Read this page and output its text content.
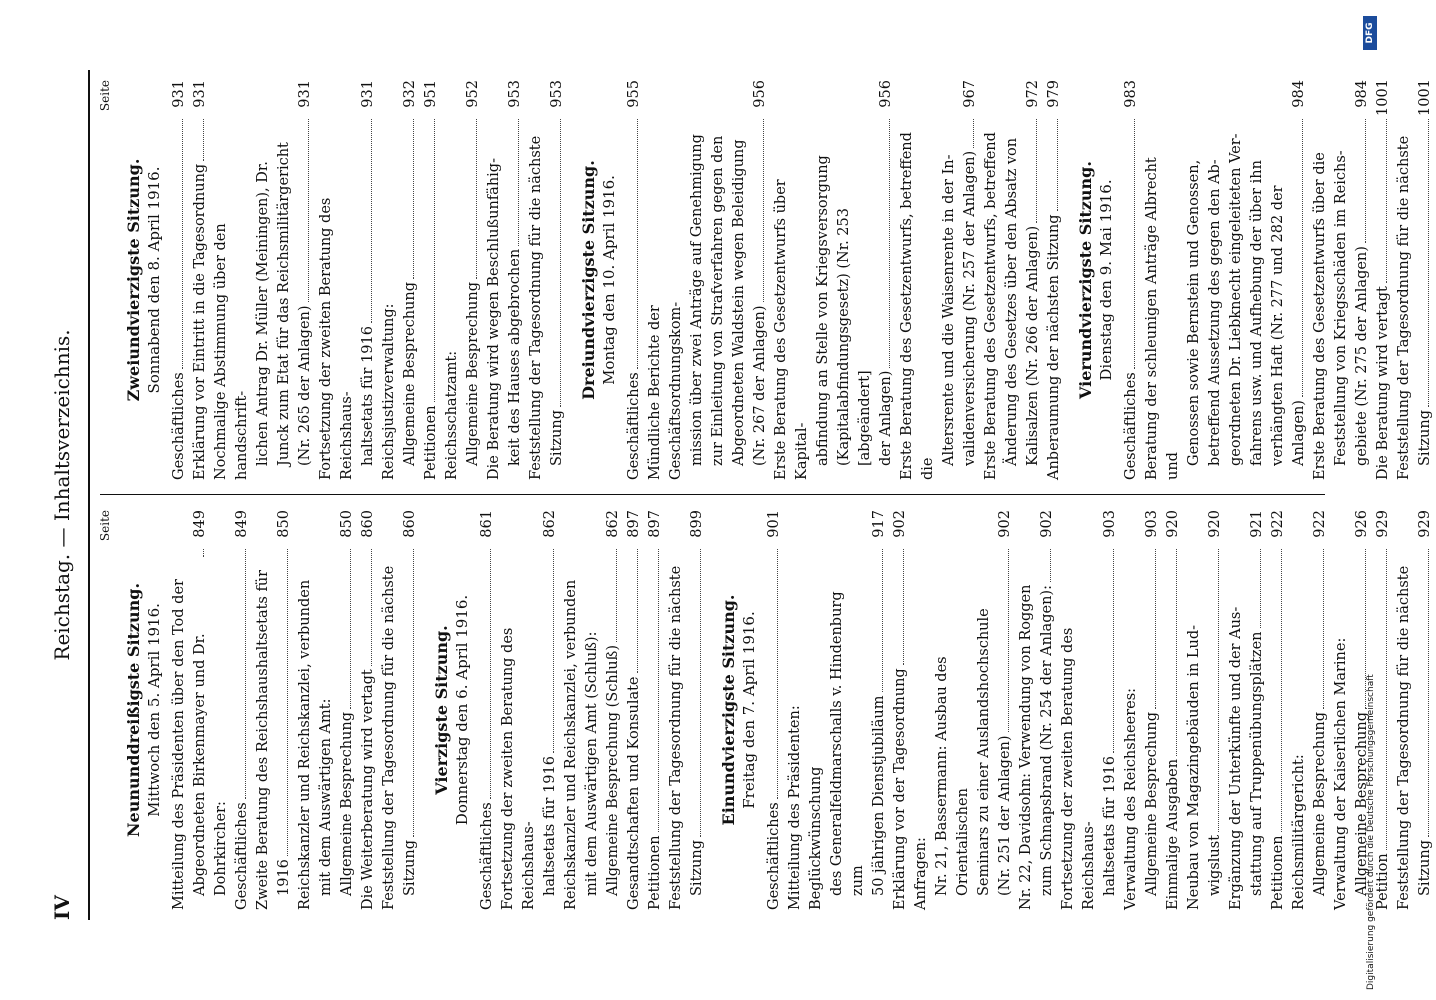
IV
Reichstag. — Inhaltsverzeichnis. Seite
Neununddreißigste Sitzung. Mittwoch den 5. April 1916. Mitteilung des Präsidenten über den Tod der Abgeordneten Birkenmayer und Dr. Dohrkircher:
849
Geschäftliches
849
Zweite Beratung des Reichshaushaltsetats für 1916
850
Reichskanzler und Reichskanzlei, verbunden mit dem Auswärtigen Amt: Allgemeine Besprechung
850
Die Weiterberatung wird vertagt
860
Feststellung der Tagesordnung für die nächste Sitzung
860
Vierzigste Sitzung. Donnerstag den 6. April 1916.
Geschäftliches
861
Fortsetzung der zweiten Beratung des Reichshaus- haltsetats für 1916
862
Reichskanzler und Reichskanzlei, verbunden mit dem Auswärtigen Amt (Schluß): Allgemeine Besprechung (Schluß)
862
Gesandtschaften und Konsulate
897
Petitionen
897
Feststellung der Tagesordnung für die nächste Sitzung
899
Einundvierzigste Sitzung. Freitag den 7. April 1916.
Geschäftliches
901
Mitteilung des Präsidenten: Beglückwünschung des Generalfeldmarschalls v. Hindenburg zum 50 jährigen Dienstjubiläum
917
Erklärung vor der Tagesordnung
902
Anfragen: Nr. 21, Bassermann: Ausbau des Orientalischen Seminars zu einer Auslandshochschule (Nr. 251 der Anlagen)
902
Nr. 22, Davidsohn: Verwendung von Roggen zum Schnapsbrand (Nr. 254 der Anlagen):
902
Fortsetzung der zweiten Beratung des Reichshaus- haltsetats für 1916
903
Verwaltung des Reichsheeres: Allgemeine Besprechung
903
Einmalige Ausgaben
920
Neubau von Magazingebäuden in Lud- wigslust
920
Ergänzung der Unterkünfte und der Aus- stattung auf Truppenübungsplätzen
921
Petitionen
922
Reichsmilitärgericht: Allgemeine Besprechung
922
Verwaltung der Kaiserlichen Marine: Allgemeine Besprechung
926
Petition
929
Feststellung der Tagesordnung für die nächste Sitzung
929
Seite
Zweiundvierzigste Sitzung. Sonnabend den 8. April 1916.
Geschäftliches
931
Erklärung vor Eintritt in die Tagesordnung
931
Nochmalige Abstimmung über den handschrift- lichen Antrag Dr. Müller (Meiningen), Dr. Junck zum Etat für das Reichsmilitärgericht (Nr. 265 der Anlagen)
931
Fortsetzung der zweiten Beratung des Reichshaus- haltsetats für 1916
931
Reichsjustizverwaltung: Allgemeine Besprechung
932
Petitionen
951
Reichsschatzamt: Allgemeine Besprechung
952
Die Beratung wird wegen Beschlußunfähig- keit des Hauses abgebrochen
953
Feststellung der Tagesordnung für die nächste Sitzung
953
Dreiundvierzigste Sitzung. Montag den 10. April 1916.
Geschäftliches
955
Mündliche Berichte der Geschäftsordnungskom- mission über zwei Anträge auf Genehmigung zur Einleitung von Strafverfahren gegen den Abgeordneten Waldstein wegen Beleidigung (Nr. 267 der Anlagen)
956
Erste Beratung des Gesetzentwurfs über Kapital- abfindung an Stelle von Kriegsversorgung (Kapitalabfindungsgesetz) (Nr. 253 [abgeändert] der Anlagen)
956
Erste Beratung des Gesetzentwurfs, betreffend die
Altersrente und die Waisenrente in der In- validenversicherung (Nr. 257 der Anlagen)
967
Erste Beratung des Gesetzentwurfs, betreffend Änderung des Gesetzes über den Absatz von Kalisalzen (Nr. 266 der Anlagen)
972
Anberaumung der nächsten Sitzung
979
Vierundvierzigste Sitzung. Dienstag den 9. Mai 1916.
Geschäftliches
983
Beratung der schleunigen Anträge Albrecht und
Genossen sowie Bernstein und Genossen, betreffend Aussetzung des gegen den Ab- geordneten Dr. Liebknecht eingeleiteten Ver- fahrens usw. und Aufhebung der über ihn verhängten Haft (Nr. 277 und 282 der Anlagen)
984
Erste Beratung des Gesetzentwurfs über die Feststellung von Kriegsschäden im Reichs- gebiete (Nr. 275 der Anlagen)
984
Die Beratung wird vertagt
1001
Feststellung der Tagesordnung für die nächste Sitzung
1001
Digitalisierung gefördert durch die Deutsche Forschungsgemeinschaft
DFG
